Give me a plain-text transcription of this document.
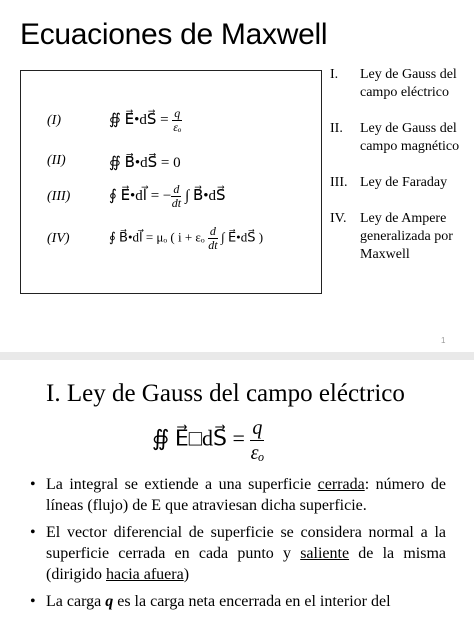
Ecuaciones de Maxwell
(I)	∯ E⃗•dS⃗ = $\frac{q}{\text{εₒ}}$
(II)	∯ B⃗•dS⃗ = 0
(III)	∮ E⃗•dl⃗ = − $\frac{d}{dt}$ ∫ B⃗•dS⃗
(IV)	∮ B⃗•dl⃗ = μₒ ( i + εₒ $\frac{d}{dt}$ ∫ E⃗•dS⃗ )
I. Ley de Gauss del campo eléctrico
II. Ley de Gauss del campo magnético
III. Ley de Faraday
IV. Ley de Ampere generalizada por Maxwell
1
I. Ley de Gauss del campo eléctrico
∯ E⃗□dS⃗ = $\frac{q}{\text{εₒ}}$
• La integral se extiende a una superficie cerrada: número de líneas (flujo) de E que atraviesan dicha superficie.
• El vector diferencial de superficie se considera normal a la superficie cerrada en cada punto y saliente de la misma (dirigido hacia afuera)
• La carga q es la carga neta encerrada en el interior del
